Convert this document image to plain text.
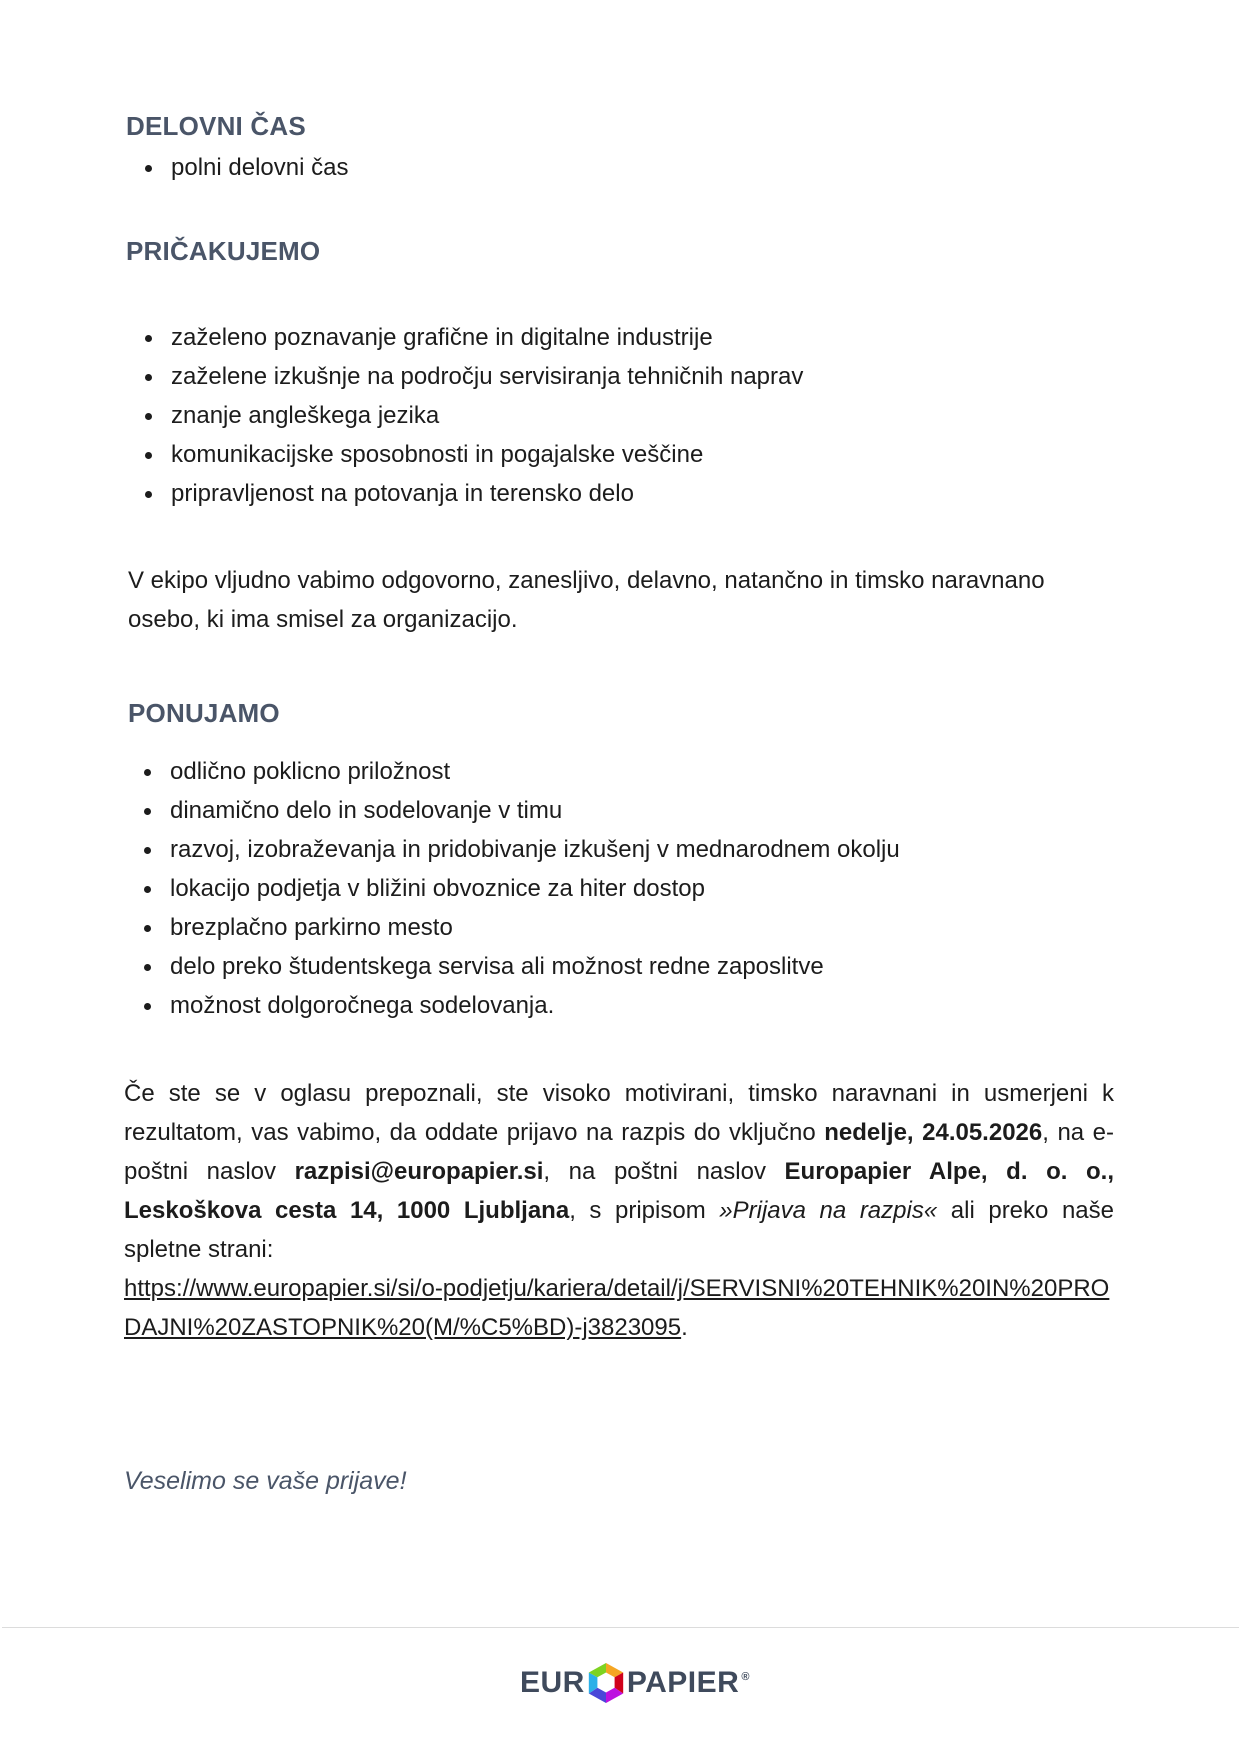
DELOVNI ČAS
polni delovni čas
PRIČAKUJEMO
zaželeno poznavanje grafične in digitalne industrije
zaželene izkušnje na področju servisiranja tehničnih naprav
znanje angleškega jezika
komunikacijske sposobnosti in pogajalske veščine
pripravljenost na potovanja in terensko delo

V ekipo vljudno vabimo odgovorno, zanesljivo, delavno, natančno in timsko naravnano osebo, ki ima smisel za organizacijo.

PONUJAMO
odlično poklicno priložnost
dinamično delo in sodelovanje v timu
razvoj, izobraževanja in pridobivanje izkušenj v mednarodnem okolju
lokacijo podjetja v bližini obvoznice za hiter dostop
brezplačno parkirno mesto
delo preko študentskega servisa ali možnost redne zaposlitve
možnost dolgoročnega sodelovanja.

Če ste se v oglasu prepoznali, ste visoko motivirani, timsko naravnani in usmerjeni k rezultatom, vas vabimo, da oddate prijavo na razpis do vključno nedelje, 24.05.2026, na e-poštni naslov razpisi@europapier.si, na poštni naslov Europapier Alpe, d. o. o., Leskoškova cesta 14, 1000 Ljubljana, s pripisom »Prijava na razpis« ali preko naše spletne strani:
https://www.europapier.si/si/o-podjetju/kariera/detail/j/SERVISNI%20TEHNIK%20IN%20PRODAJNI%20ZASTOPNIK%20(M/%C5%BD)-j3823095.

Veselimo se vaše prijave!
EUR PAPIER®
